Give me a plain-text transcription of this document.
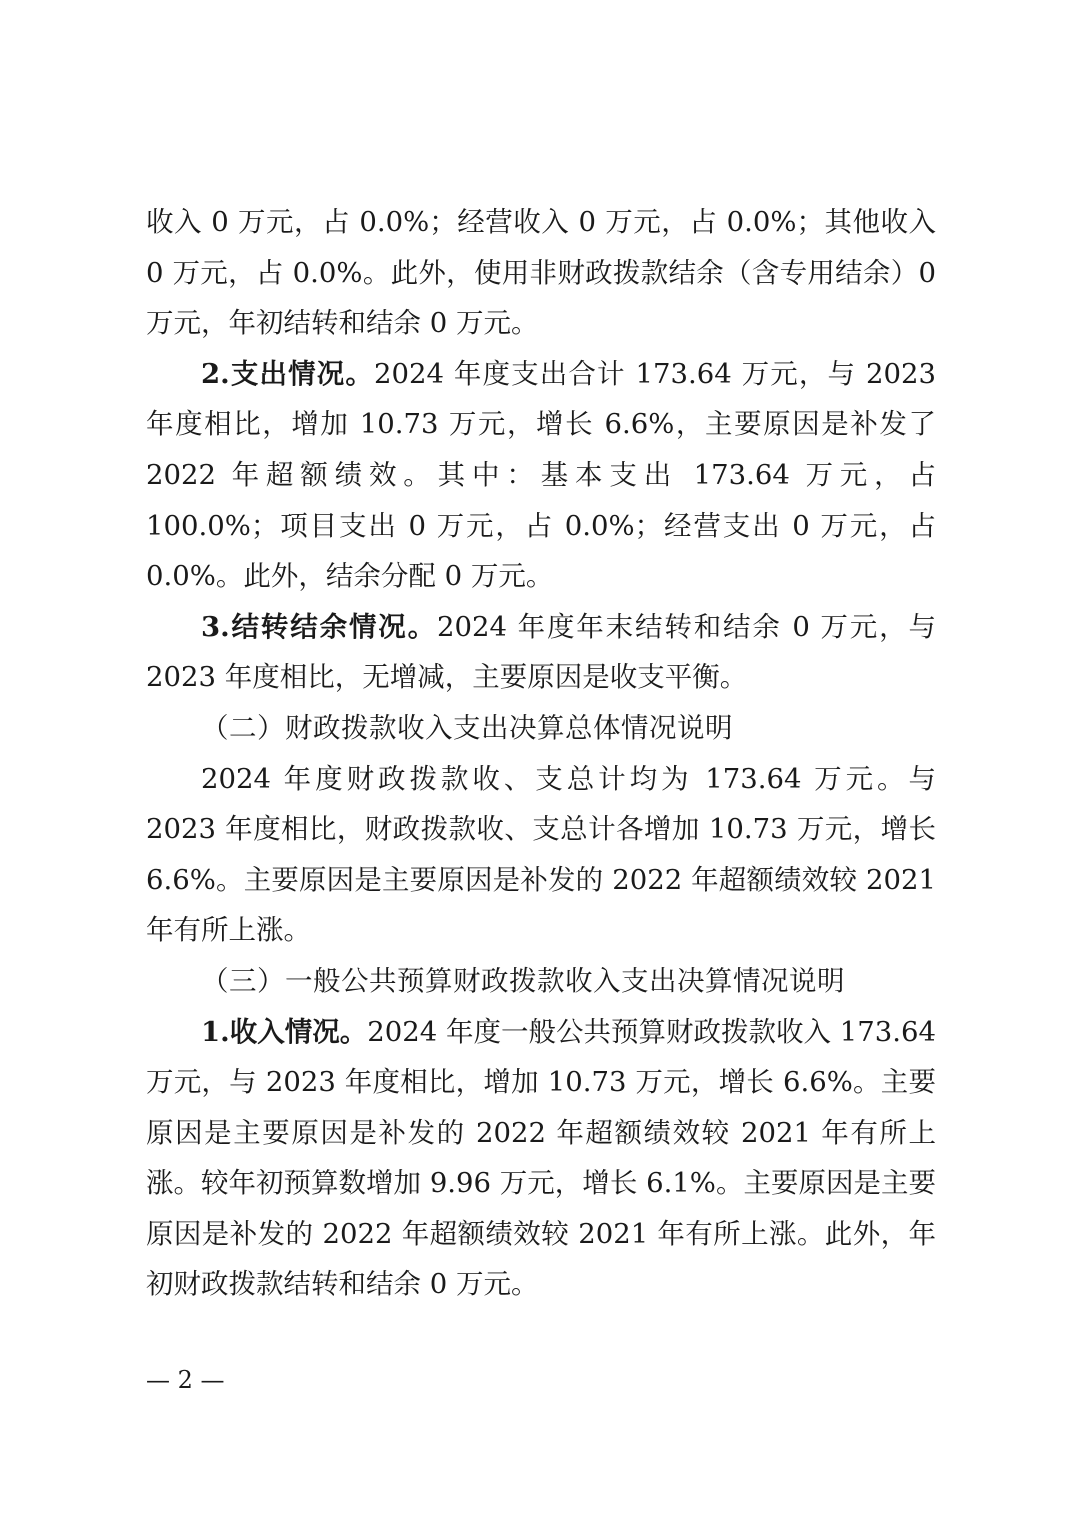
收入 0 万元，占 0.0%；经营收入 0 万元，占 0.0%；其他收入 0 万元，占 0.0%。此外，使用非财政拨款结余（含专用结余）0 万元，年初结转和结余 0 万元。

2.支出情况。2024 年度支出合计 173.64 万元，与 2023 年度相比，增加 10.73 万元，增长 6.6%，主要原因是补发了 2022 年超额绩效。其中：基本支出 173.64 万元，占 100.0%；项目支出 0 万元，占 0.0%；经营支出 0 万元，占 0.0%。此外，结余分配 0 万元。

3.结转结余情况。2024 年度年末结转和结余 0 万元，与 2023 年度相比，无增减，主要原因是收支平衡。

（二）财政拨款收入支出决算总体情况说明

2024 年度财政拨款收、支总计均为 173.64 万元。与 2023 年度相比，财政拨款收、支总计各增加 10.73 万元，增长 6.6%。主要原因是主要原因是补发的 2022 年超额绩效较 2021 年有所上涨。

（三）一般公共预算财政拨款收入支出决算情况说明

1.收入情况。2024 年度一般公共预算财政拨款收入 173.64 万元，与 2023 年度相比，增加 10.73 万元，增长 6.6%。主要原因是主要原因是补发的 2022 年超额绩效较 2021 年有所上涨。较年初预算数增加 9.96 万元，增长 6.1%。主要原因是主要原因是补发的 2022 年超额绩效较 2021 年有所上涨。此外，年初财政拨款结转和结余 0 万元。

— 2 —
